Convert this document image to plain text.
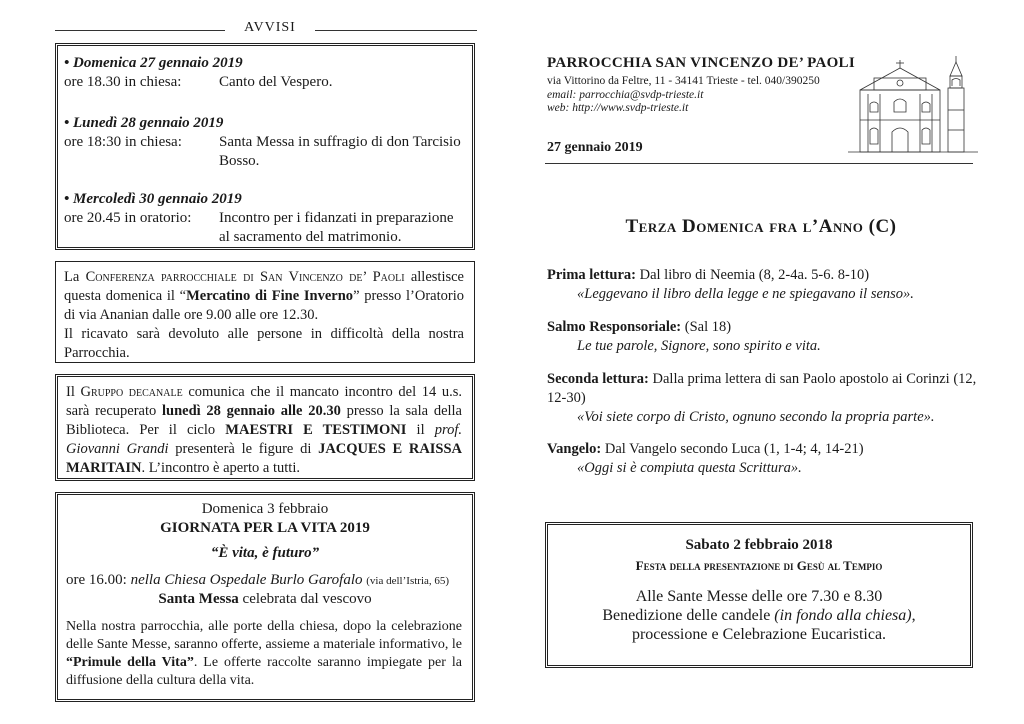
AVVISI
• Domenica 27 gennaio 2019
ore 18.30 in chiesa:	Canto del Vespero.
• Lunedì 28 gennaio 2019
ore 18:30 in chiesa:	Santa Messa in suffragio di don Tarcisio Bosso.
• Mercoledì 30 gennaio 2019
ore 20.45 in oratorio:	Incontro per i fidanzati in preparazione al sacramento del matrimonio.
La Conferenza parrocchiale di San Vincenzo de’ Paoli allestisce questa domenica il “Mercatino di Fine Inverno” presso l’Oratorio di via Ananian dalle ore 9.00 alle ore 12.30.
Il ricavato sarà devoluto alle persone in difficoltà della nostra Parrocchia.
Il Gruppo decanale comunica che il mancato incontro del 14 u.s. sarà recuperato lunedì 28 gennaio alle 20.30 presso la sala della Biblioteca. Per il ciclo MAESTRI E TESTIMONI il prof. Giovanni Grandi presenterà le figure di JACQUES E RAISSA MARITAIN. L’incontro è aperto a tutti.
Domenica 3 febbraio
GIORNATA PER LA VITA 2019
“È vita, è futuro”
ore 16.00: nella Chiesa Ospedale Burlo Garofalo (via dell’Istria, 65)
Santa Messa celebrata dal vescovo
Nella nostra parrocchia, alle porte della chiesa, dopo la celebrazione delle Sante Messe, saranno offerte, assieme a materiale informativo, le “Primule della Vita”. Le offerte raccolte saranno impiegate per la diffusione della cultura della vita.
PARROCCHIA SAN VINCENZO DE’ PAOLI
via Vittorino da Feltre, 11 - 34141 Trieste - tel. 040/390250
email: parrocchia@svdp-trieste.it
web: http://www.svdp-trieste.it
27 gennaio 2019
Terza Domenica fra l’Anno (C)
Prima lettura: Dal libro di Neemia (8, 2-4a. 5-6. 8-10)
«Leggevano il libro della legge e ne spiegavano il senso».
Salmo Responsoriale: (Sal 18)
Le tue parole, Signore, sono spirito e vita.
Seconda lettura: Dalla prima lettera di san Paolo apostolo ai Corinzi (12, 12-30)
«Voi siete corpo di Cristo, ognuno secondo la propria parte».
Vangelo: Dal Vangelo secondo Luca (1, 1-4; 4, 14-21)
«Oggi si è compiuta questa Scrittura».
Sabato 2 febbraio 2018
Festa della presentazione di Gesù al Tempio
Alle Sante Messe delle ore 7.30 e 8.30
Benedizione delle candele (in fondo alla chiesa),
processione e Celebrazione Eucaristica.
